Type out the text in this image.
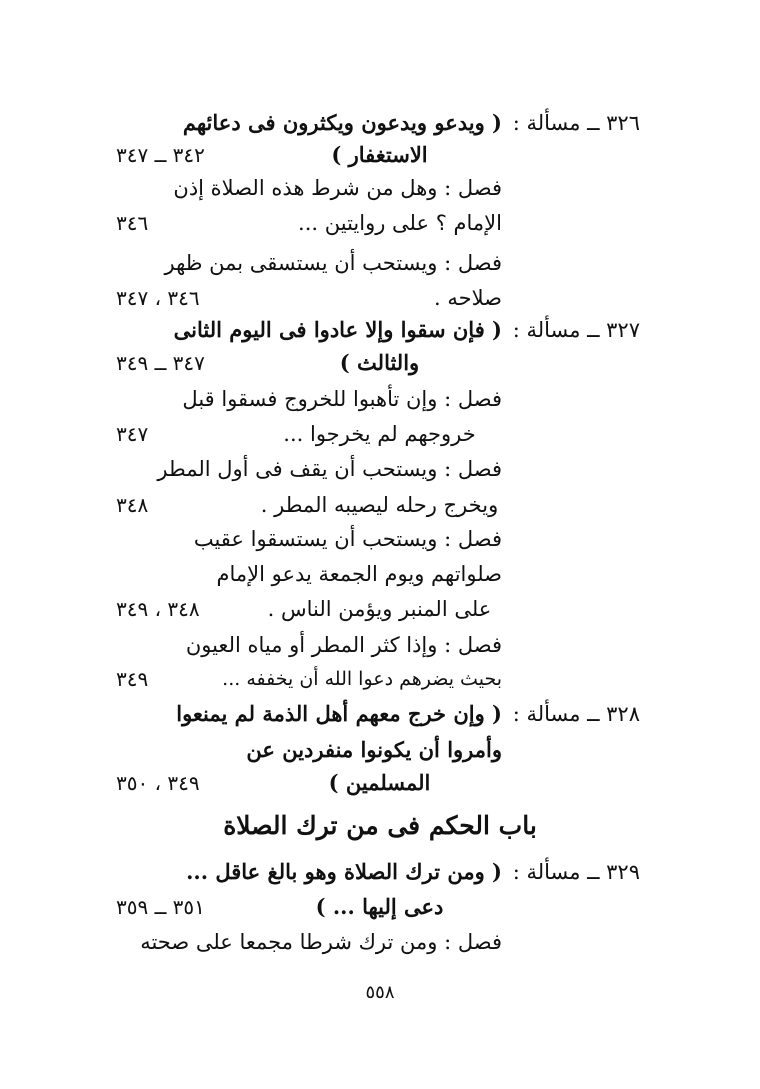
٣٢٦ ــ مسألة :
( ويدعو ويدعون ويكثرون فى دعائهم
الاستغفار )
٣٤٢ ــ ٣٤٧
فصل : وهل من شرط هذه الصلاة إذن
الإمام ؟ على روايتين ...
٣٤٦
فصل : ويستحب أن يستسقى بمن ظهر
صلاحه .
٣٤٦ ، ٣٤٧
٣٢٧ ــ مسألة :
( فإن سقوا وإلا عادوا فى اليوم الثانى
والثالث )
٣٤٧ ــ ٣٤٩
فصل : وإن تأهبوا للخروج فسقوا قبل
خروجهم لم يخرجوا ...
٣٤٧
فصل : ويستحب أن يقف فى أول المطر
ويخرج رحله ليصيبه المطر .
٣٤٨
فصل : ويستحب أن يستسقوا عقيب
صلواتهم ويوم الجمعة يدعو الإمام
على المنبر ويؤمن الناس .
٣٤٨ ، ٣٤٩
فصل : وإذا كثر المطر أو مياه العيون
بحيث يضرهم دعوا الله أن يخففه ...
٣٤٩
٣٢٨ ــ مسألة :
( وإن خرج معهم أهل الذمة لم يمنعوا
وأمروا أن يكونوا منفردين عن
المسلمين )
٣٤٩ ، ٣٥٠
باب الحكم فى من ترك الصلاة
٣٢٩ ــ مسألة :
( ومن ترك الصلاة وهو بالغ عاقل ...
دعى إليها ... )
٣٥١ ــ ٣٥٩
فصل : ومن ترك شرطا مجمعا على صحته
٥٥٨
